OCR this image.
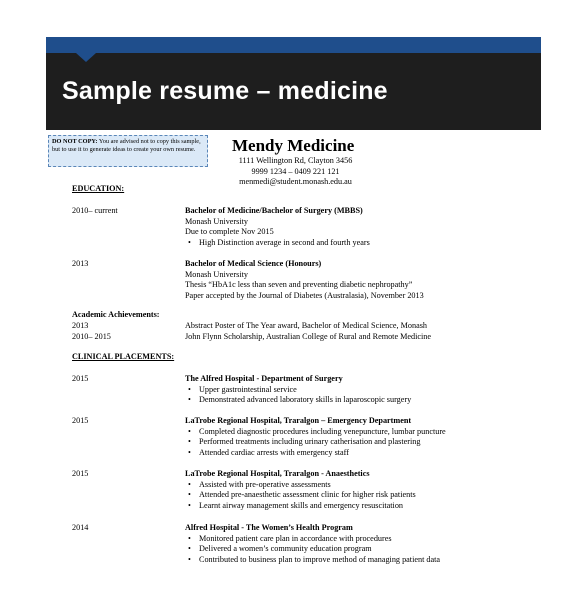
Sample resume – medicine
DO NOT COPY: You are advised not to copy this sample, but to use it to generate ideas to create your own resume.	Mendy Medicine
1111 Wellington Rd, Clayton 3456
9999 1234 – 0409 221 121
menmedi@student.monash.edu.au
EDUCATION:
2010– current	Bachelor of Medicine/Bachelor of Surgery (MBBS)
Monash University
Due to complete Nov 2015
• High Distinction average in second and fourth years
2013	Bachelor of Medical Science (Honours)
Monash University
Thesis “HbA1c less than seven and preventing diabetic nephropathy”
Paper accepted by the Journal of Diabetes (Australasia), November 2013
Academic Achievements:
2013	Abstract Poster of The Year award, Bachelor of Medical Science, Monash
2010– 2015	John Flynn Scholarship, Australian College of Rural and Remote Medicine
CLINICAL PLACEMENTS:
2015	The Alfred Hospital - Department of Surgery
• Upper gastrointestinal service
• Demonstrated advanced laboratory skills in laparoscopic surgery
2015	LaTrobe Regional Hospital, Traralgon – Emergency Department
• Completed diagnostic procedures including venepuncture, lumbar puncture
• Performed treatments including urinary catherisation and plastering
• Attended cardiac arrests with emergency staff
2015	LaTrobe Regional Hospital, Traralgon - Anaesthetics
• Assisted with pre-operative assessments
• Attended pre-anaesthetic assessment clinic for higher risk patients
• Learnt airway management skills and emergency resuscitation
2014	Alfred Hospital - The Women’s Health Program
• Monitored patient care plan in accordance with procedures
• Delivered a women’s community education program
• Contributed to business plan to improve method of managing patient data
